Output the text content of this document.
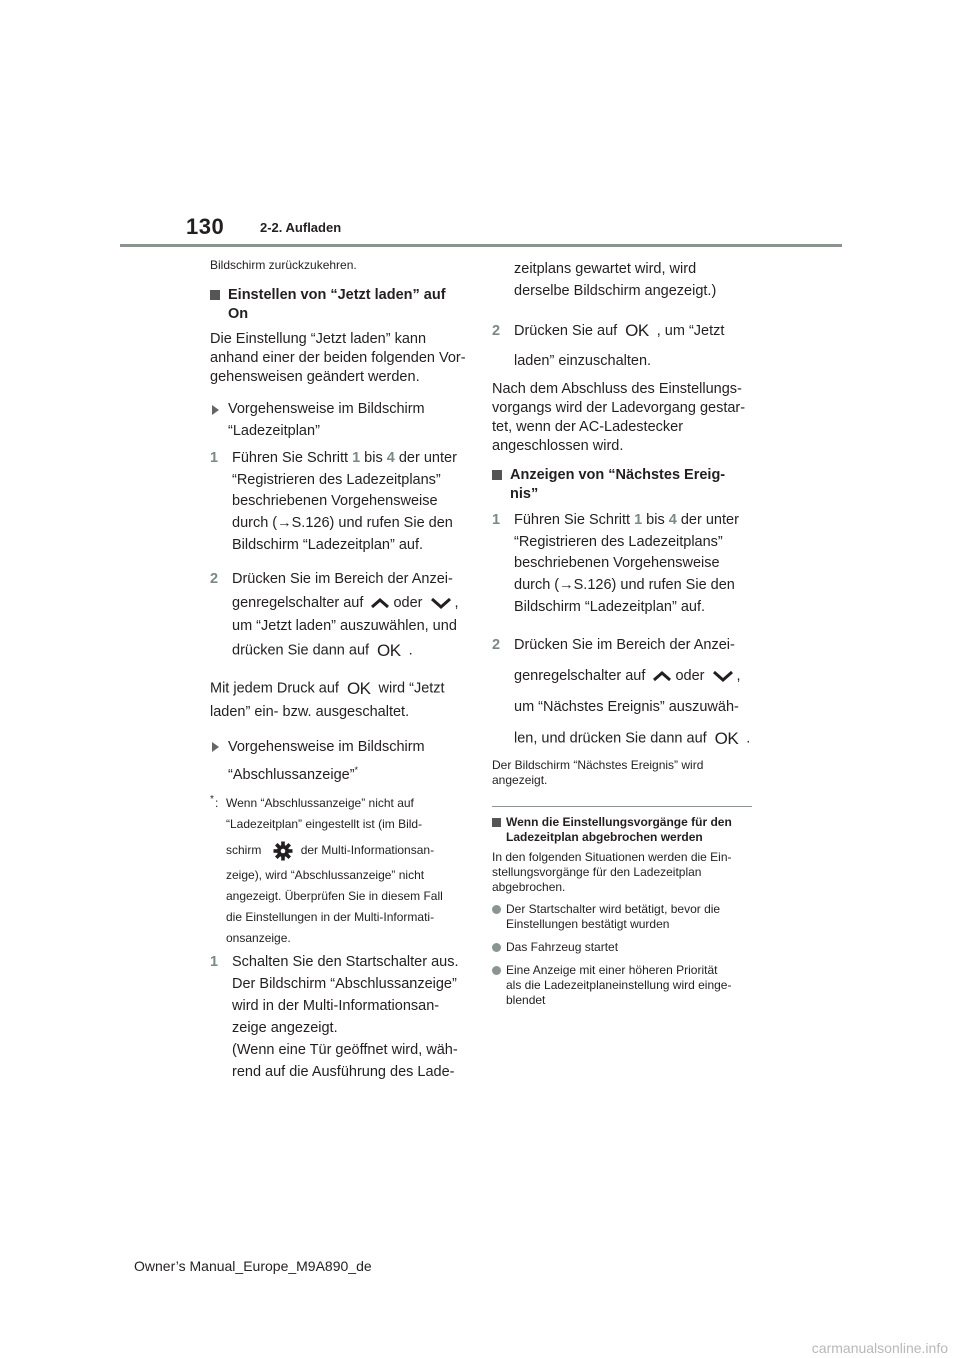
130	2-2. Aufladen

Bildschirm zurückzukehren.

Einstellen von “Jetzt laden” auf
On
Die Einstellung “Jetzt laden” kann
anhand einer der beiden folgenden Vor-
gehensweisen geändert werden.
Vorgehensweise im Bildschirm
“Ladezeitplan”
1 Führen Sie Schritt 1 bis 4 der unter
“Registrieren des Ladezeitplans”
beschriebenen Vorgehensweise
durch (→S.126) und rufen Sie den
Bildschirm “Ladezeitplan” auf.
2 Drücken Sie im Bereich der Anzei-
genregelschalter auf oder ,
um “Jetzt laden” auszuwählen, und
drücken Sie dann auf OK .
Mit jedem Druck auf OK wird “Jetzt
laden” ein- bzw. ausgeschaltet.
Vorgehensweise im Bildschirm
“Abschlussanzeige”*
* : Wenn “Abschlussanzeige” nicht auf
“Ladezeitplan” eingestellt ist (im Bild-
schirm	der Multi-Informationsan-
zeige), wird “Abschlussanzeige” nicht
angezeigt. Überprüfen Sie in diesem Fall
die Einstellungen in der Multi-Informati-
onsanzeige.
1 Schalten Sie den Startschalter aus.
Der Bildschirm “Abschlussanzeige”
wird in der Multi-Informationsan-
zeige angezeigt.
(Wenn eine Tür geöffnet wird, wäh-
rend auf die Ausführung des Lade-
zeitplans gewartet wird, wird
derselbe Bildschirm angezeigt.)
2 Drücken Sie auf OK , um “Jetzt
laden” einzuschalten.
Nach dem Abschluss des Einstellungs-
vorgangs wird der Ladevorgang gestar-
tet, wenn der AC-Ladestecker
angeschlossen wird.
Anzeigen von “Nächstes Ereig-
nis”
1 Führen Sie Schritt 1 bis 4 der unter
“Registrieren des Ladezeitplans”
beschriebenen Vorgehensweise
durch (→S.126) und rufen Sie den
Bildschirm “Ladezeitplan” auf.
2 Drücken Sie im Bereich der Anzei-
genregelschalter auf oder ,
um “Nächstes Ereignis” auszuwäh-
len, und drücken Sie dann auf OK .
Der Bildschirm “Nächstes Ereignis” wird
angezeigt.
Wenn die Einstellungsvorgänge für den
Ladezeitplan abgebrochen werden
In den folgenden Situationen werden die Ein-
stellungsvorgänge für den Ladezeitplan
abgebrochen.
Der Startschalter wird betätigt, bevor die
Einstellungen bestätigt wurden
Das Fahrzeug startet
Eine Anzeige mit einer höheren Priorität
als die Ladezeitplaneinstellung wird einge-
blendet
Owner’s Manual_Europe_M9A890_de
carmanualsonline.info
